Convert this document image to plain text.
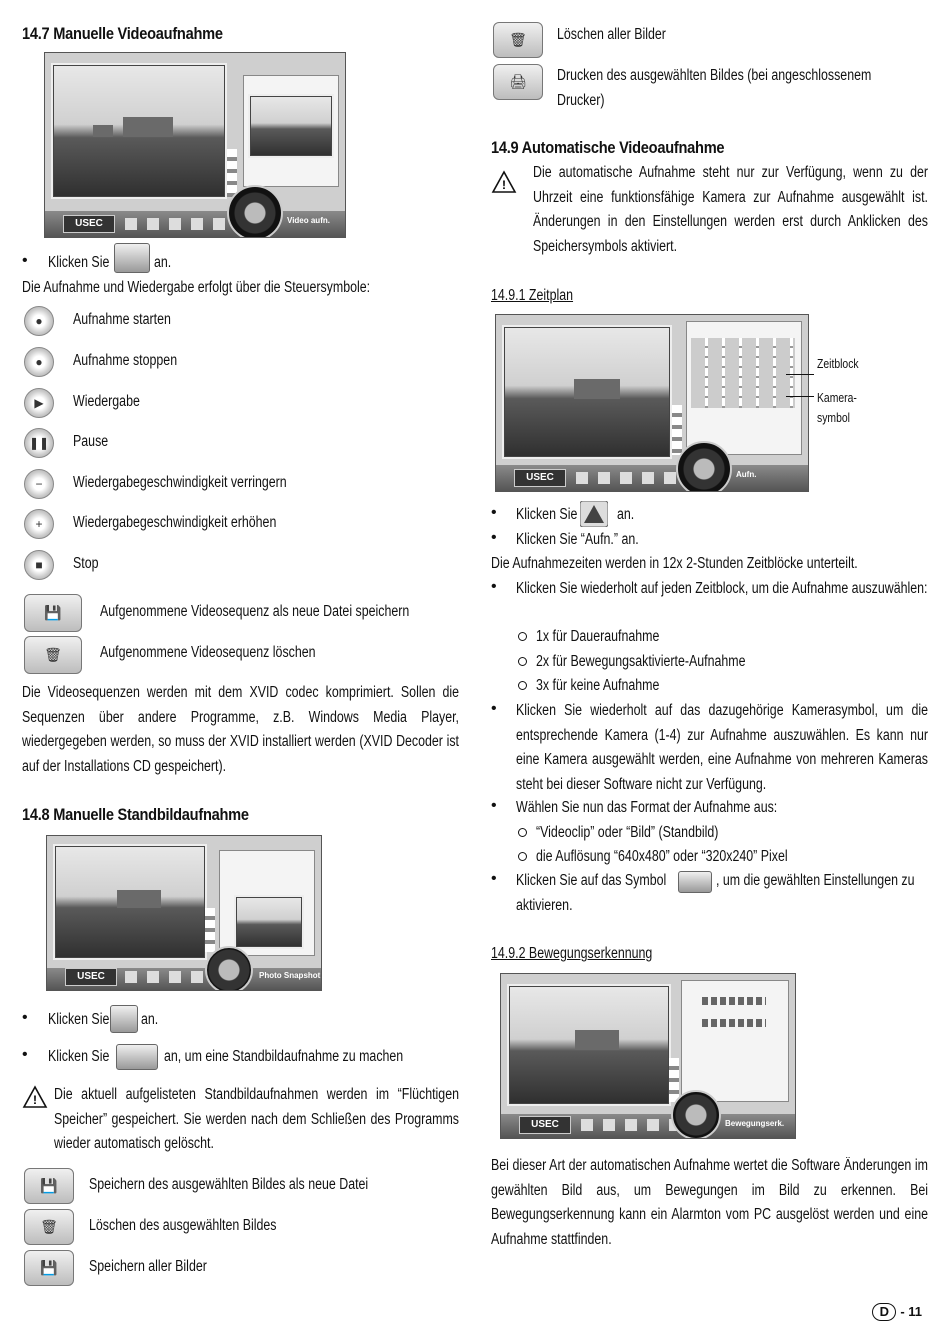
14.7 Manuelle Videoaufnahme
USEC	Video aufn.
• Klicken Sie	an.
Die Aufnahme und Wiedergabe erfolgt über die Steuersymbole:
● Aufnahme starten
● Aufnahme stoppen
▶ Wiedergabe
❚❚ Pause
− Wiedergabegeschwindigkeit verringern
+ Wiedergabegeschwindigkeit erhöhen
■ Stop
💾 Aufgenommene Videosequenz als neue Datei speichern
🗑 Aufgenommene Videosequenz löschen
Die Videosequenzen werden mit dem XVID codec komprimiert. Sollen die Sequenzen über andere Programme, z.B. Windows Media Player, wiedergegeben werden, so muss der XVID installiert werden (XVID Decoder ist auf der Installations CD gespeichert).
14.8 Manuelle Standbildaufnahme
USEC	Photo Snapshot
• Klicken Sie an.
• Klicken Sie	an, um eine Standbildaufnahme zu machen
! Die aktuell aufgelisteten Standbildaufnahmen werden im “Flüchtigen Speicher” gespeichert. Sie werden nach dem Schließen des Programms wieder automatisch gelöscht.
💾 Speichern des ausgewählten Bildes als neue Datei
🗑 Löschen des ausgewählten Bildes
💾 Speichern aller Bilder
🗑 Löschen aller Bilder
🖨 Drucken des ausgewählten Bildes (bei angeschlossenem
Drucker)
14.9 Automatische Videoaufnahme
!
Die automatische Aufnahme steht nur zur Verfügung, wenn zu der Uhrzeit eine funktionsfähige Kamera zur Aufnahme ausgewählt ist. Änderungen in den Einstellungen werden erst durch Anklicken des Speichersymbols aktiviert.
14.9.1 Zeitplan
USEC	Aufn.
Zeitblock
Kamera-
symbol
• Klicken Sie	an.
• Klicken Sie “Aufn.” an.
Die Aufnahmezeiten werden in 12x 2-Stunden Zeitblöcke unterteilt.
• Klicken Sie wiederholt auf jeden Zeitblock, um die Aufnahme auszuwählen:
1x für Daueraufnahme
2x für Bewegungsaktivierte-Aufnahme
3x für keine Aufnahme
• Klicken Sie wiederholt auf das dazugehörige Kamerasymbol, um die entsprechende Kamera (1-4) zur Aufnahme auszuwählen. Es kann nur eine Kamera ausgewählt werden, eine Aufnahme von mehreren Kameras steht bei dieser Software nicht zur Verfügung.
• Wählen Sie nun das Format der Aufnahme aus:
“Videoclip” oder “Bild” (Standbild)
die Auflösung “640x480” oder “320x240” Pixel
• Klicken Sie auf das Symbol	, um die gewählten Einstellungen zu
aktivieren.
14.9.2 Bewegungserkennung
USEC	Bewegungserk.
Bei dieser Art der automatischen Aufnahme wertet die Software Änderungen im gewählten Bild aus, um Bewegungen im Bild zu erkennen. Bei Bewegungserkennung kann ein Alarmton vom PC ausgelöst werden und eine Aufnahme stattfinden.
D - 11
